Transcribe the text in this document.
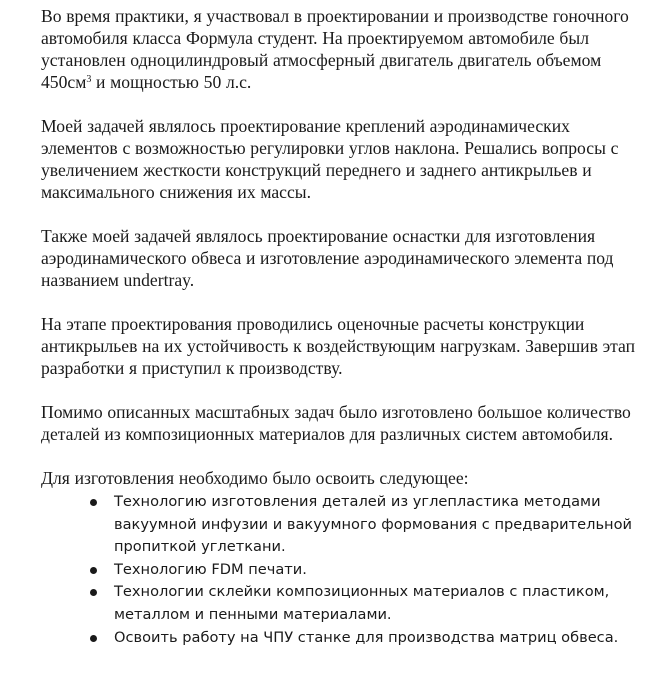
Во время практики, я участвовал в проектировании и производстве гоночного автомобиля класса Формула студент. На проектируемом автомобиле был установлен одноцилиндровый атмосферный двигатель двигатель объемом $450см^3$ и мощностью 50 л.с.

Моей задачей являлось проектирование креплений аэродинамических элементов с возможностью регулировки углов наклона. Решались вопросы с увеличением жесткости конструкций переднего и заднего антикрыльев и максимального снижения их массы.

Также моей задачей являлось проектирование оснастки для изготовления аэродинамического обвеса и изготовление аэродинамического элемента под названием undertray.

На этапе проектирования проводились оценочные расчеты конструкции антикрыльев на их устойчивость к воздействующим нагрузкам. Завершив этап разработки я приступил к производству.

Помимо описанных масштабных задач было изготовлено большое количество деталей из композиционных материалов для различных систем автомобиля.

Для изготовления необходимо было освоить следующее:

Технологию изготовления деталей из углепластика методами вакуумной инфузии и вакуумного формования с предварительной пропиткой углеткани.
Технологию FDM печати.
Технологии склейки композиционных материалов с пластиком, металлом и пенными материалами.
Освоить работу на ЧПУ станке для производства матриц обвеса.
